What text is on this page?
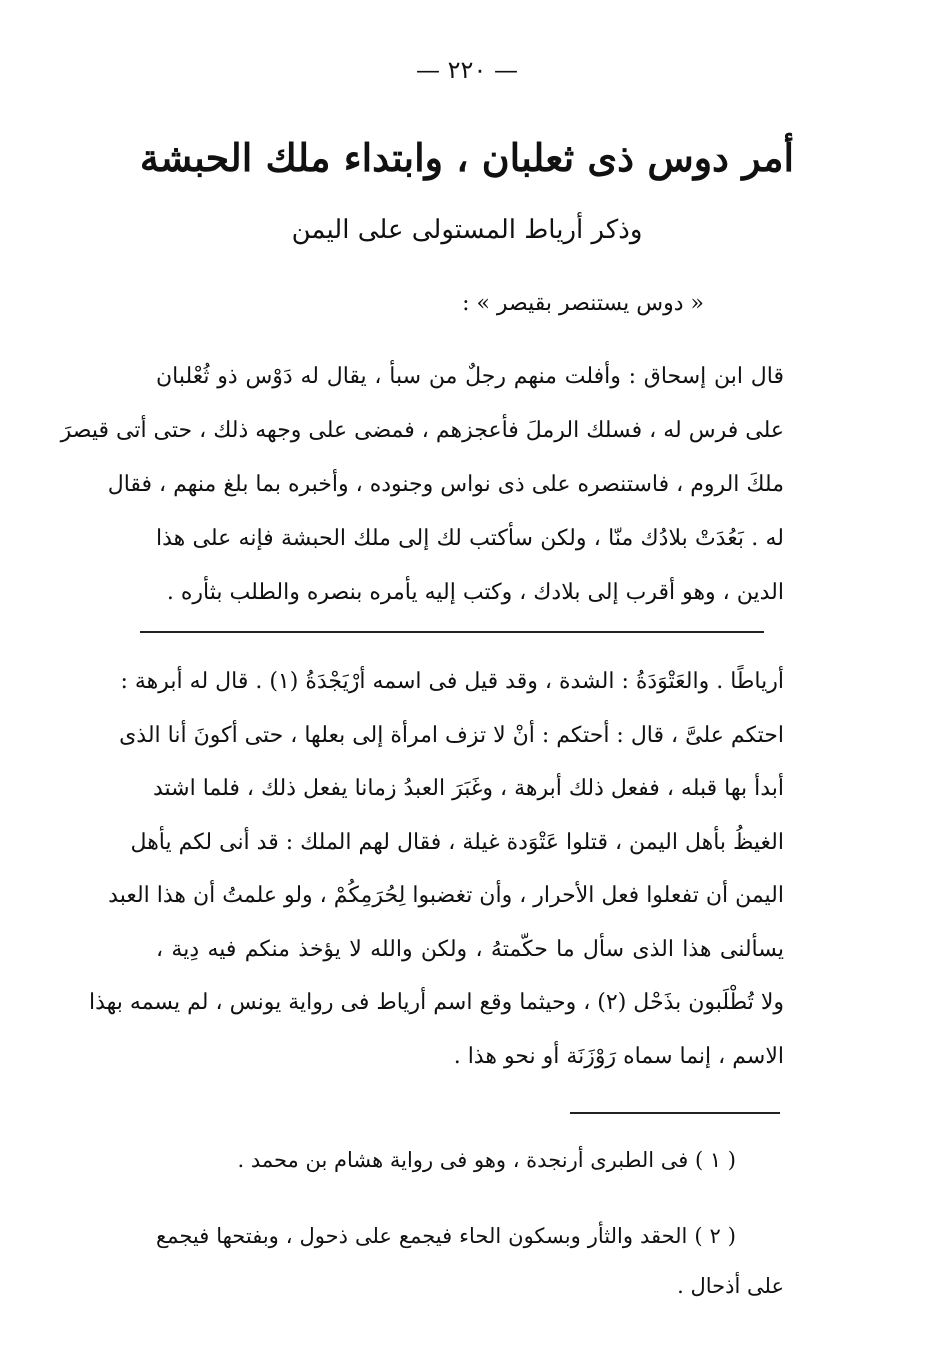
— ٢٢٠ —
أمر دوس ذى ثعلبان ، وابتداء ملك الحبشة
وذكر أرياط المستولى على اليمن
« دوس يستنصر بقيصر » :
قال ابن إسحاق : وأفلت منهم رجلٌ من سبأ ، يقال له دَوْس ذو ثُعْلبان
على فرس له ، فسلك الرملَ فأعجزهم ، فمضى على وجهه ذلك ، حتى أتى قيصرَ
ملكَ الروم ، فاستنصره على ذى نواس وجنوده ، وأخبره بما بلغ منهم ، فقال
له . بَعُدَتْ بلادُك منّا ، ولكن سأكتب لك إلى ملك الحبشة فإنه على هذا
الدين ، وهو أقرب إلى بلادك ، وكتب إليه يأمره بنصره والطلب بثأره .
أرياطًا . والعَتْوَدَةُ : الشدة ، وقد قيل فى اسمه أرْيَجْدَةُ (١) . قال له أبرهة :
احتكم علىَّ ، قال : أحتكم : أنْ لا تزف امرأة إلى بعلها ، حتى أكونَ أنا الذى
أبدأ بها قبله ، ففعل ذلك أبرهة ، وغَبَرَ العبدُ زمانا يفعل ذلك ، فلما اشتد
الغيظُ بأهل اليمن ، قتلوا عَتْوَدة غيلة ، فقال لهم الملك : قد أنى لكم يأهل
اليمن أن تفعلوا فعل الأحرار ، وأن تغضبوا لِحُرَمِكُمْ ، ولو علمتُ أن هذا العبد
يسألنى هذا الذى سأل ما حكّمتهُ ، ولكن والله لا يؤخذ منكم فيه دِية ،
ولا تُطْلَبون بذَحْل (٢) ، وحيثما وقع اسم أرياط فى رواية يونس ، لم يسمه بهذا
الاسم ، إنما سماه رَوْزَنَة أو نحو هذا .
( ١ ) فى الطبرى أرنجدة ، وهو فى رواية هشام بن محمد .
( ٢ ) الحقد والثأر وبسكون الحاء فيجمع على ذحول ، وبفتحها فيجمع
على أذحال .
